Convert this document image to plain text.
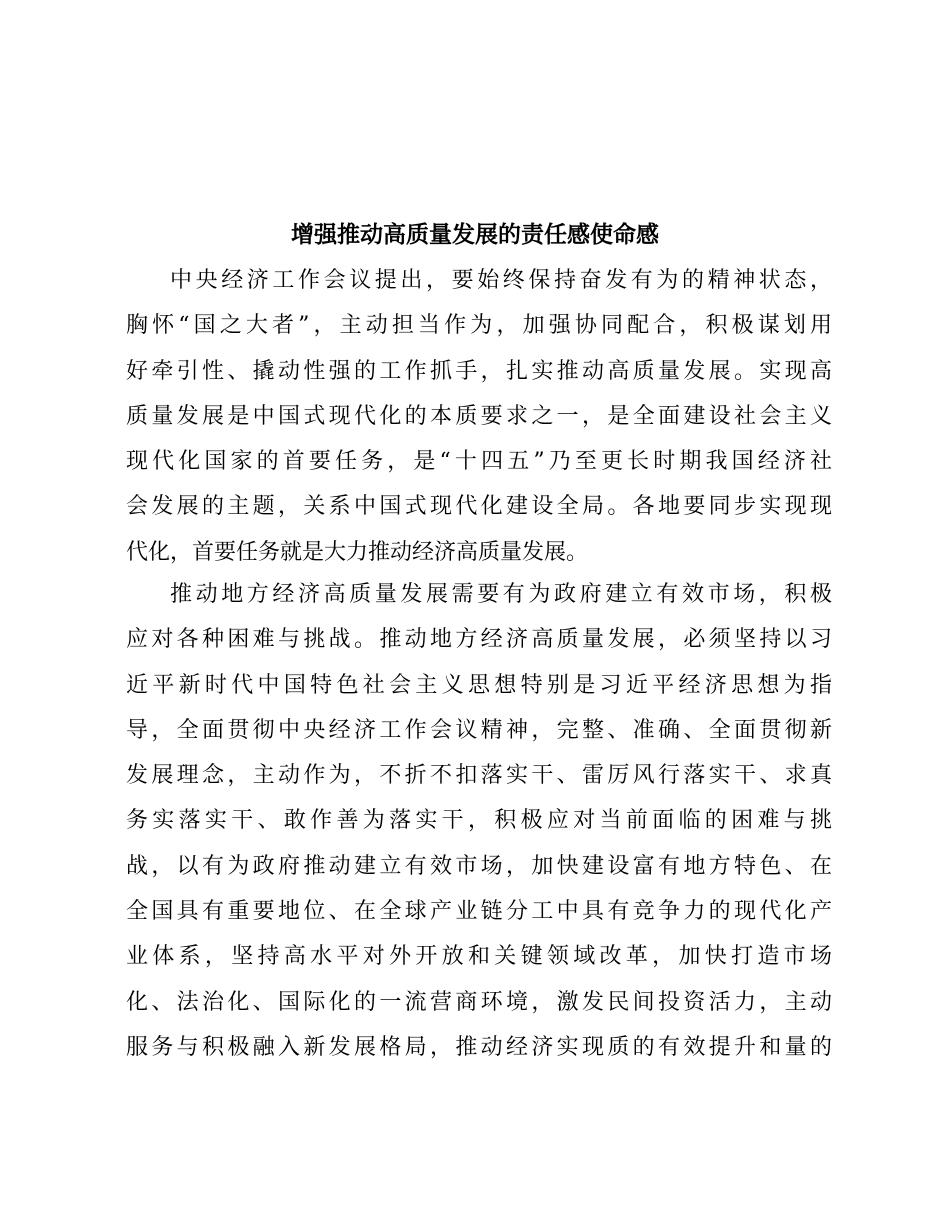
增强推动高质量发展的责任感使命感
中央经济工作会议提出，要始终保持奋发有为的精神状态，
胸怀“国之大者”，主动担当作为，加强协同配合，积极谋划用
好牵引性、撬动性强的工作抓手，扎实推动高质量发展。实现高
质量发展是中国式现代化的本质要求之一，是全面建设社会主义
现代化国家的首要任务，是“十四五”乃至更长时期我国经济社
会发展的主题，关系中国式现代化建设全局。各地要同步实现现
代化，首要任务就是大力推动经济高质量发展。
推动地方经济高质量发展需要有为政府建立有效市场，积极
应对各种困难与挑战。推动地方经济高质量发展，必须坚持以习
近平新时代中国特色社会主义思想特别是习近平经济思想为指
导，全面贯彻中央经济工作会议精神，完整、准确、全面贯彻新
发展理念，主动作为，不折不扣落实干、雷厉风行落实干、求真
务实落实干、敢作善为落实干，积极应对当前面临的困难与挑
战，以有为政府推动建立有效市场，加快建设富有地方特色、在
全国具有重要地位、在全球产业链分工中具有竞争力的现代化产
业体系，坚持高水平对外开放和关键领域改革，加快打造市场
化、法治化、国际化的一流营商环境，激发民间投资活力，主动
服务与积极融入新发展格局，推动经济实现质的有效提升和量的
